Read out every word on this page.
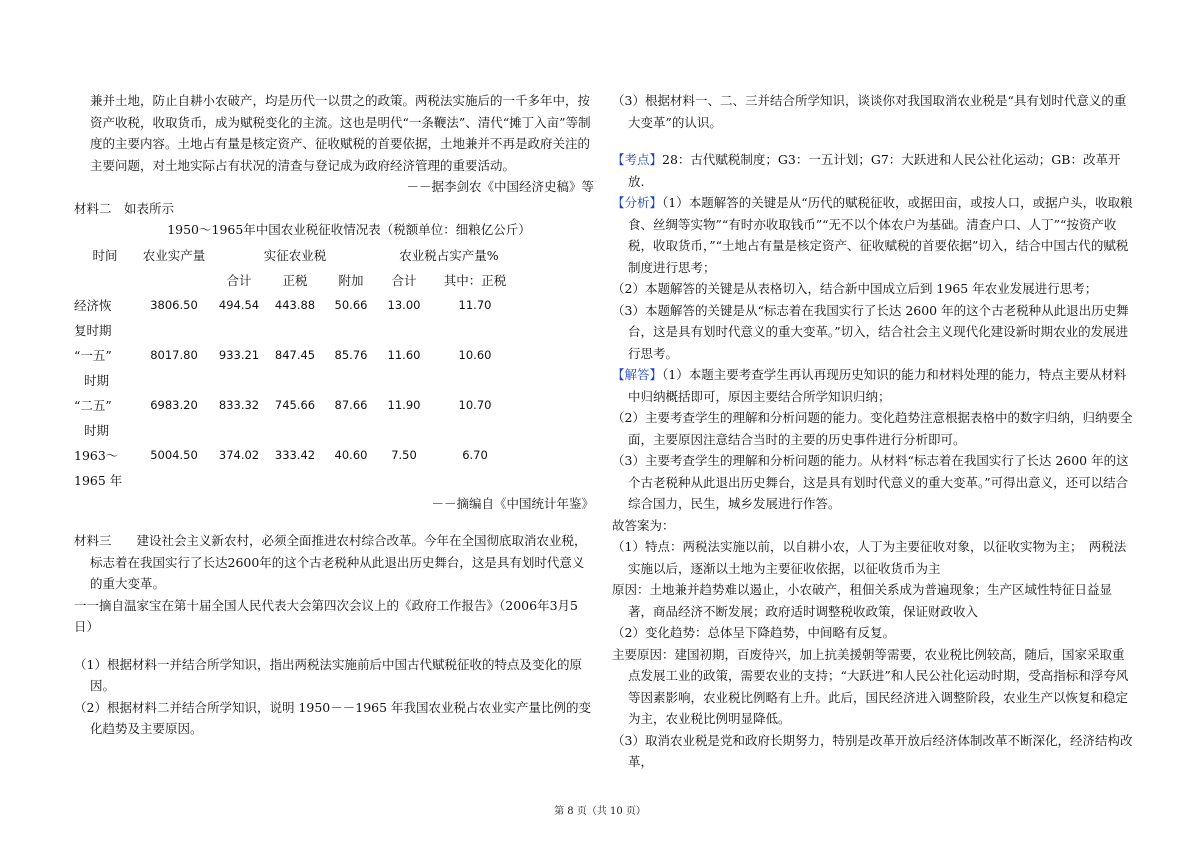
兼并土地，防止自耕小农破产，均是历代一以贯之的政策。两税法实施后的一千多年中，按资产收税，收取货币，成为赋税变化的主流。这也是明代“一条鞭法”、清代“摊丁入亩”等制度的主要内容。土地占有量是核定资产、征收赋税的首要依据，土地兼并不再是政府关注的主要问题，对土地实际占有状况的清查与登记成为政府经济管理的重要活动。

－－据李剑农《中国经济史稿》等

材料二　如表所示

1950～1965年中国农业税征收情况表（税额单位：细粮亿公斤）

时间	农业实产量	实征农业税			农业税占实产量%	
		合计	正税	附加	合计	其中：正税
经济恢	3806.50	494.54	443.88	50.66	13.00	11.70
复时期						
“一五”	8017.80	933.21	847.45	85.76	11.60	10.60
时期						
“二五”	6983.20	833.32	745.66	87.66	11.90	10.70
时期						
1963～	5004.50	374.02	333.42	40.60	7.50	6.70
1965 年						

－－摘编自《中国统计年鉴》

材料三　　建设社会主义新农村，必须全面推进农村综合改革。今年在全国彻底取消农业税，标志着在我国实行了长达2600年的这个古老税种从此退出历史舞台，这是具有划时代意义的重大变革。

一一摘自温家宝在第十届全国人民代表大会第四次会议上的《政府工作报告》（2006年3月5日）

（1）根据材料一并结合所学知识，指出两税法实施前后中国古代赋税征收的特点及变化的原因。

（2）根据材料二并结合所学知识，说明 1950－－1965 年我国农业税占农业实产量比例的变化趋势及主要原因。

（3）根据材料一、二、三并结合所学知识，谈谈你对我国取消农业税是“具有划时代意义的重大变革”的认识。

【考点】28：古代赋税制度；G3：一五计划；G7：大跃进和人民公社化运动；GB：改革开放.

【分析】（1）本题解答的关键是从“历代的赋税征收，或据田亩，或按人口，或据户头，收取粮食、丝绸等实物”“有时亦收取钱币”“无不以个体农户为基础。清查户口、人丁”“按资产收税，收取货币，”“土地占有量是核定资产、征收赋税的首要依据”切入，结合中国古代的赋税制度进行思考；

（2）本题解答的关键是从表格切入，结合新中国成立后到 1965 年农业发展进行思考；

（3）本题解答的关键是从“标志着在我国实行了长达 2600 年的这个古老税种从此退出历史舞台，这是具有划时代意义的重大变革。”切入，结合社会主义现代化建设新时期农业的发展进行思考。

【解答】（1）本题主要考查学生再认再现历史知识的能力和材料处理的能力，特点主要从材料中归纳概括即可，原因主要结合所学知识归纳；

（2）主要考查学生的理解和分析问题的能力。变化趋势注意根据表格中的数字归纳，归纳要全面，主要原因注意结合当时的主要的历史事件进行分析即可。

（3）主要考查学生的理解和分析问题的能力。从材料“标志着在我国实行了长达 2600 年的这个古老税种从此退出历史舞台，这是具有划时代意义的重大变革。”可得出意义，还可以结合综合国力，民生，城乡发展进行作答。

故答案为：

（1）特点：两税法实施以前，以自耕小农，人丁为主要征收对象，以征收实物为主；　两税法实施以后，逐渐以土地为主要征收依据，以征收货币为主

原因：土地兼并趋势难以遏止，小农破产，租佃关系成为普遍现象；生产区域性特征日益显著，商品经济不断发展；政府适时调整税收政策，保证财政收入

（2）变化趋势：总体呈下降趋势，中间略有反复。

主要原因：建国初期，百废待兴，加上抗美援朝等需要，农业税比例较高，随后，国家采取重点发展工业的政策，需要农业的支持；“大跃进”和人民公社化运动时期，受高指标和浮夸风等因素影响，农业税比例略有上升。此后，国民经济进入调整阶段，农业生产以恢复和稳定为主，农业税比例明显降低。

（3）取消农业税是党和政府长期努力，特别是改革开放后经济体制改革不断深化，经济结构改革，

第 8 页（共 10 页）
